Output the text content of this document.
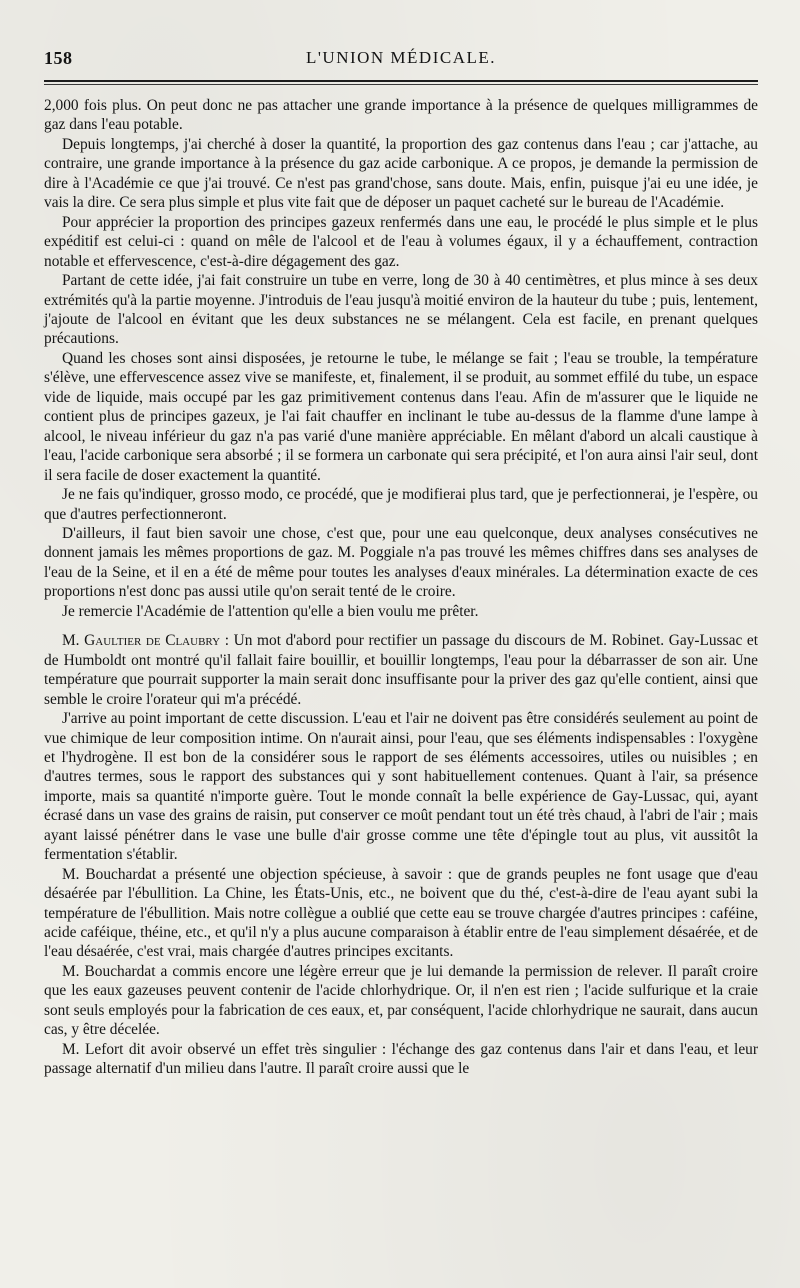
158	L'UNION MÉDICALE.

2,000 fois plus. On peut donc ne pas attacher une grande importance à la présence de quelques milligrammes de gaz dans l'eau potable.

Depuis longtemps, j'ai cherché à doser la quantité, la proportion des gaz contenus dans l'eau ; car j'attache, au contraire, une grande importance à la présence du gaz acide carbonique. A ce propos, je demande la permission de dire à l'Académie ce que j'ai trouvé. Ce n'est pas grand'chose, sans doute. Mais, enfin, puisque j'ai eu une idée, je vais la dire. Ce sera plus simple et plus vite fait que de déposer un paquet cacheté sur le bureau de l'Académie.

Pour apprécier la proportion des principes gazeux renfermés dans une eau, le procédé le plus simple et le plus expéditif est celui-ci : quand on mêle de l'alcool et de l'eau à volumes égaux, il y a échauffement, contraction notable et effervescence, c'est-à-dire dégagement des gaz.

Partant de cette idée, j'ai fait construire un tube en verre, long de 30 à 40 centimètres, et plus mince à ses deux extrémités qu'à la partie moyenne. J'introduis de l'eau jusqu'à moitié environ de la hauteur du tube ; puis, lentement, j'ajoute de l'alcool en évitant que les deux substances ne se mélangent. Cela est facile, en prenant quelques précautions.

Quand les choses sont ainsi disposées, je retourne le tube, le mélange se fait ; l'eau se trouble, la température s'élève, une effervescence assez vive se manifeste, et, finalement, il se produit, au sommet effilé du tube, un espace vide de liquide, mais occupé par les gaz primitivement contenus dans l'eau. Afin de m'assurer que le liquide ne contient plus de principes gazeux, je l'ai fait chauffer en inclinant le tube au-dessus de la flamme d'une lampe à alcool, le niveau inférieur du gaz n'a pas varié d'une manière appréciable. En mêlant d'abord un alcali caustique à l'eau, l'acide carbonique sera absorbé ; il se formera un carbonate qui sera précipité, et l'on aura ainsi l'air seul, dont il sera facile de doser exactement la quantité.

Je ne fais qu'indiquer, grosso modo, ce procédé, que je modifierai plus tard, que je perfectionnerai, je l'espère, ou que d'autres perfectionneront.

D'ailleurs, il faut bien savoir une chose, c'est que, pour une eau quelconque, deux analyses consécutives ne donnent jamais les mêmes proportions de gaz. M. Poggiale n'a pas trouvé les mêmes chiffres dans ses analyses de l'eau de la Seine, et il en a été de même pour toutes les analyses d'eaux minérales. La détermination exacte de ces proportions n'est donc pas aussi utile qu'on serait tenté de le croire.

Je remercie l'Académie de l'attention qu'elle a bien voulu me prêter.

M. Gaultier de Claubry : Un mot d'abord pour rectifier un passage du discours de M. Robinet. Gay-Lussac et de Humboldt ont montré qu'il fallait faire bouillir, et bouillir longtemps, l'eau pour la débarrasser de son air. Une température que pourrait supporter la main serait donc insuffisante pour la priver des gaz qu'elle contient, ainsi que semble le croire l'orateur qui m'a précédé.

J'arrive au point important de cette discussion. L'eau et l'air ne doivent pas être considérés seulement au point de vue chimique de leur composition intime. On n'aurait ainsi, pour l'eau, que ses éléments indispensables : l'oxygène et l'hydrogène. Il est bon de la considérer sous le rapport de ses éléments accessoires, utiles ou nuisibles ; en d'autres termes, sous le rapport des substances qui y sont habituellement contenues. Quant à l'air, sa présence importe, mais sa quantité n'importe guère. Tout le monde connaît la belle expérience de Gay-Lussac, qui, ayant écrasé dans un vase des grains de raisin, put conserver ce moût pendant tout un été très chaud, à l'abri de l'air ; mais ayant laissé pénétrer dans le vase une bulle d'air grosse comme une tête d'épingle tout au plus, vit aussitôt la fermentation s'établir.

M. Bouchardat a présenté une objection spécieuse, à savoir : que de grands peuples ne font usage que d'eau désaérée par l'ébullition. La Chine, les États-Unis, etc., ne boivent que du thé, c'est-à-dire de l'eau ayant subi la température de l'ébullition. Mais notre collègue a oublié que cette eau se trouve chargée d'autres principes : caféine, acide caféique, théine, etc., et qu'il n'y a plus aucune comparaison à établir entre de l'eau simplement désaérée, et de l'eau désaérée, c'est vrai, mais chargée d'autres principes excitants.

M. Bouchardat a commis encore une légère erreur que je lui demande la permission de relever. Il paraît croire que les eaux gazeuses peuvent contenir de l'acide chlorhydrique. Or, il n'en est rien ; l'acide sulfurique et la craie sont seuls employés pour la fabrication de ces eaux, et, par conséquent, l'acide chlorhydrique ne saurait, dans aucun cas, y être décelée.

M. Lefort dit avoir observé un effet très singulier : l'échange des gaz contenus dans l'air et dans l'eau, et leur passage alternatif d'un milieu dans l'autre. Il paraît croire aussi que le
